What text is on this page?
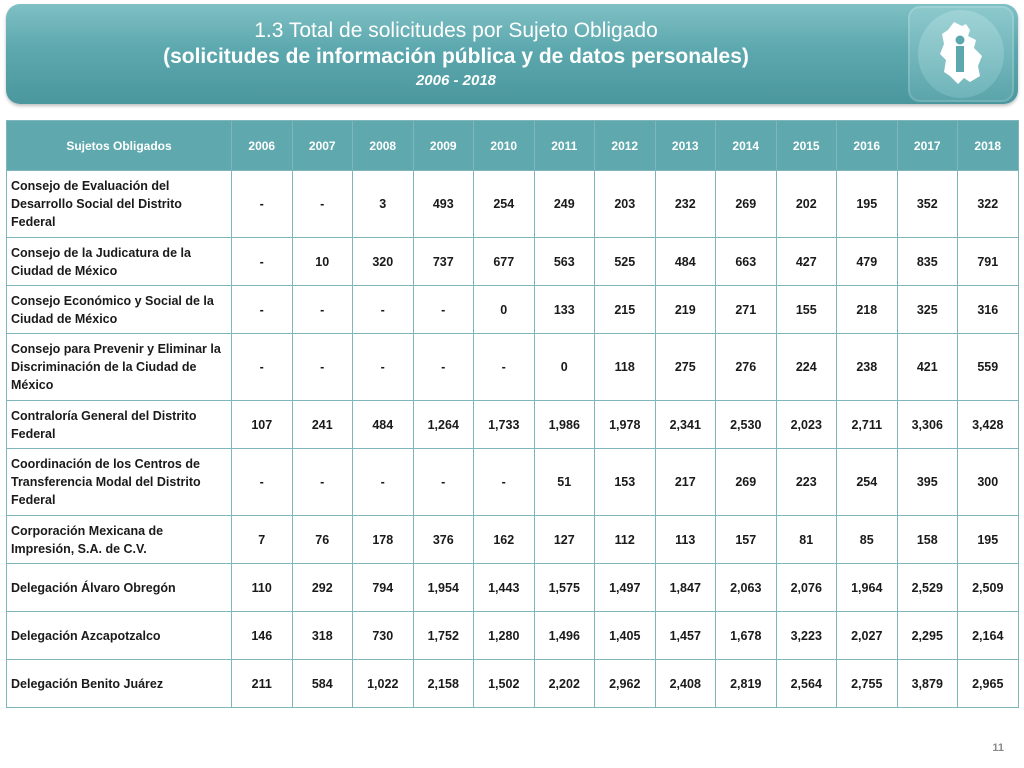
1.3 Total de solicitudes por Sujeto Obligado
(solicitudes de información pública y de datos personales)
2006 - 2018
Sujetos Obligados	2006	2007	2008	2009	2010	2011	2012	2013	2014	2015	2016	2017	2018
Consejo de Evaluación del Desarrollo Social del Distrito Federal	-	-	3	493	254	249	203	232	269	202	195	352	322
Consejo de la Judicatura de la Ciudad de México	-	10	320	737	677	563	525	484	663	427	479	835	791
Consejo Económico y Social de la Ciudad de México	-	-	-	-	0	133	215	219	271	155	218	325	316
Consejo para Prevenir y Eliminar la Discriminación de la Ciudad de México	-	-	-	-	-	0	118	275	276	224	238	421	559
Contraloría General del Distrito Federal	107	241	484	1,264	1,733	1,986	1,978	2,341	2,530	2,023	2,711	3,306	3,428
Coordinación de los Centros de Transferencia Modal del Distrito Federal	-	-	-	-	-	51	153	217	269	223	254	395	300
Corporación Mexicana de Impresión, S.A. de C.V.	7	76	178	376	162	127	112	113	157	81	85	158	195
Delegación Álvaro Obregón	110	292	794	1,954	1,443	1,575	1,497	1,847	2,063	2,076	1,964	2,529	2,509
Delegación Azcapotzalco	146	318	730	1,752	1,280	1,496	1,405	1,457	1,678	3,223	2,027	2,295	2,164
Delegación Benito Juárez	211	584	1,022	2,158	1,502	2,202	2,962	2,408	2,819	2,564	2,755	3,879	2,965
11
